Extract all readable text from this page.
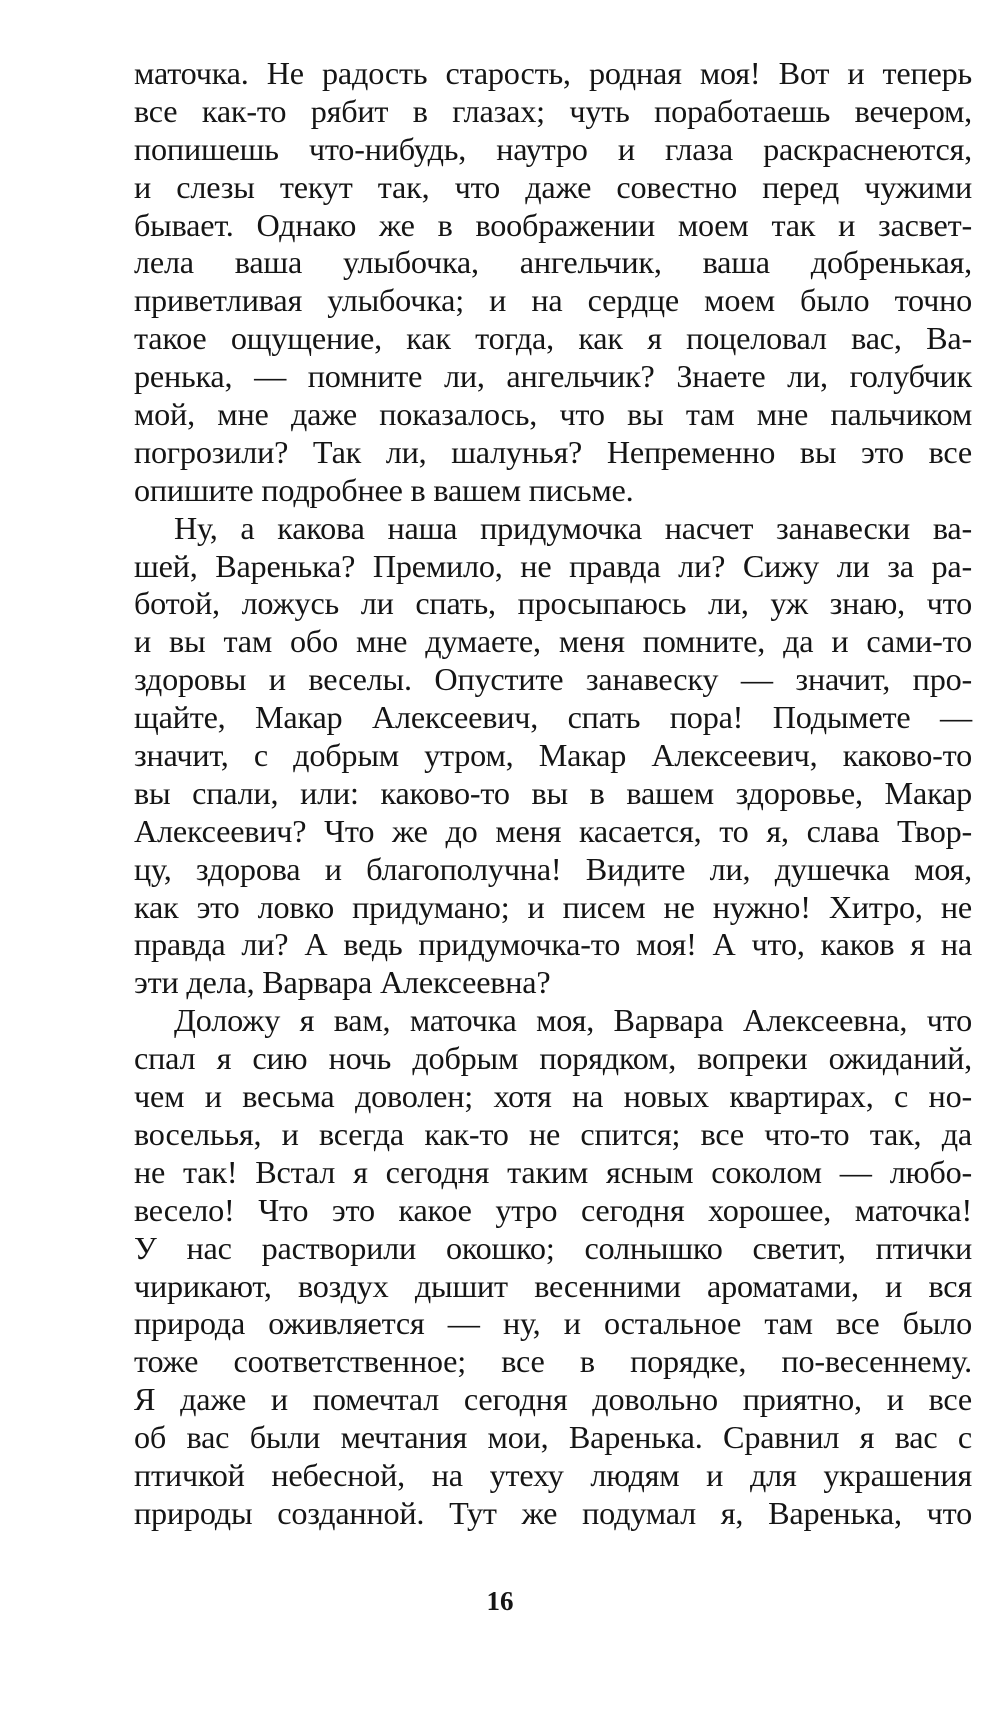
маточка. Не радость старость, родная моя! Вот и теперь
все как-то рябит в глазах; чуть поработаешь вечером,
попишешь что-нибудь, наутро и глаза раскраснеются,
и слезы текут так, что даже совестно перед чужими
бывает. Однако же в воображении моем так и засвет-
лела ваша улыбочка, ангельчик, ваша добренькая,
приветливая улыбочка; и на сердце моем было точно
такое ощущение, как тогда, как я поцеловал вас, Ва-
ренька, — помните ли, ангельчик? Знаете ли, голубчик
мой, мне даже показалось, что вы там мне пальчиком
погрозили? Так ли, шалунья? Непременно вы это все
опишите подробнее в вашем письме.
Ну, а какова наша придумочка насчет занавески ва-
шей, Варенька? Премило, не правда ли? Сижу ли за ра-
ботой, ложусь ли спать, просыпаюсь ли, уж знаю, что
и вы там обо мне думаете, меня помните, да и сами-то
здоровы и веселы. Опустите занавеску — значит, про-
щайте, Макар Алексеевич, спать пора! Подымете —
значит, с добрым утром, Макар Алексеевич, каково-то
вы спали, или: каково-то вы в вашем здоровье, Макар
Алексеевич? Что же до меня касается, то я, слава Твор-
цу, здорова и благополучна! Видите ли, душечка моя,
как это ловко придумано; и писем не нужно! Хитро, не
правда ли? А ведь придумочка-то моя! А что, каков я на
эти дела, Варвара Алексеевна?
Доложу я вам, маточка моя, Варвара Алексеевна, что
спал я сию ночь добрым порядком, вопреки ожиданий,
чем и весьма доволен; хотя на новых квартирах, с но-
восельья, и всегда как-то не спится; все что-то так, да
не так! Встал я сегодня таким ясным соколом — любо-
весело! Что это какое утро сегодня хорошее, маточка!
У нас растворили окошко; солнышко светит, птички
чирикают, воздух дышит весенними ароматами, и вся
природа оживляется — ну, и остальное там все было
тоже соответственное; все в порядке, по-весеннему.
Я даже и помечтал сегодня довольно приятно, и все
об вас были мечтания мои, Варенька. Сравнил я вас с
птичкой небесной, на утеху людям и для украшения
природы созданной. Тут же подумал я, Варенька, что
16
